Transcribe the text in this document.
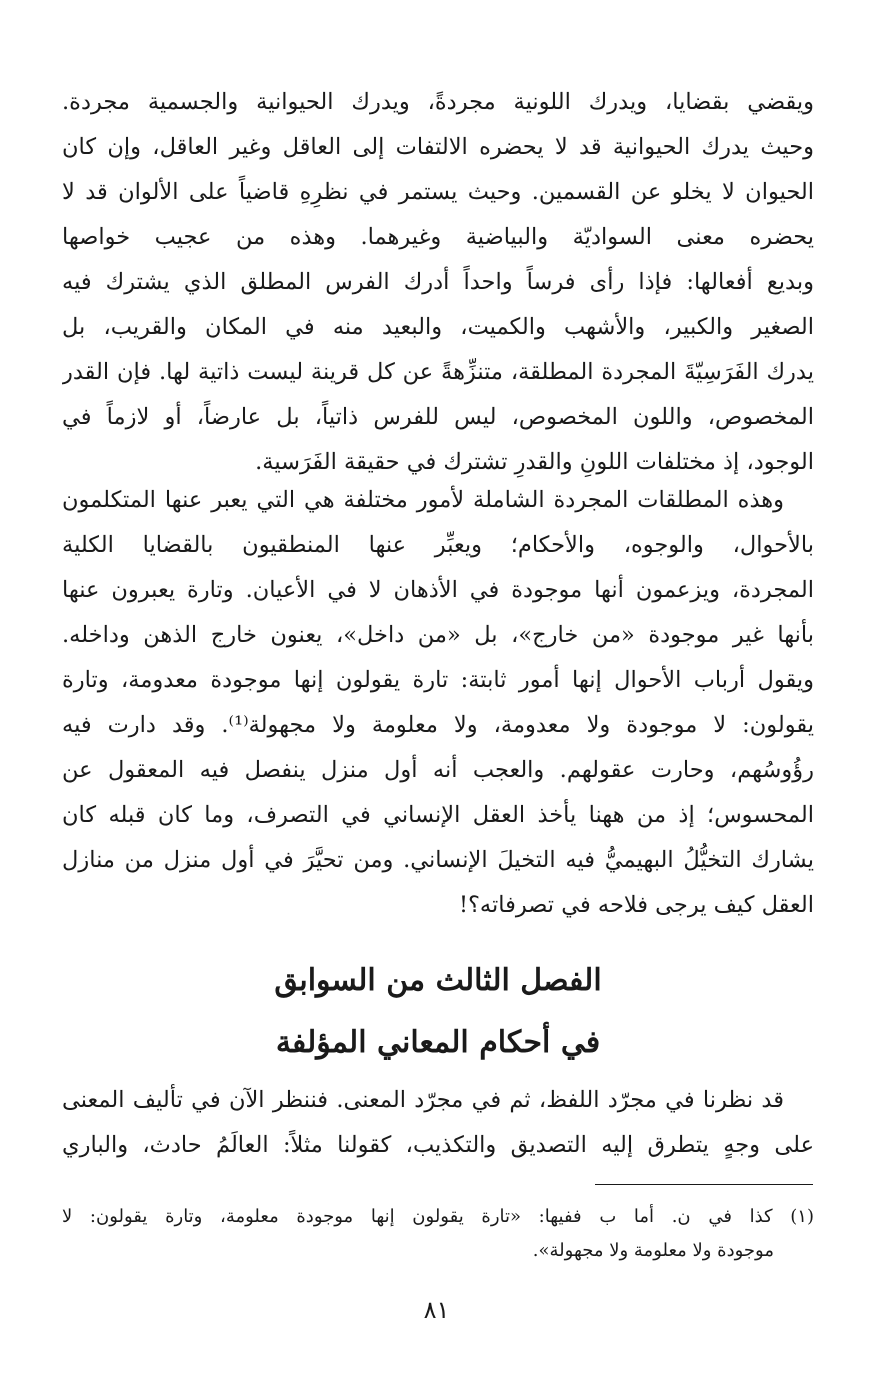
ويقضي بقضايا، ويدرك اللونية مجردةً، ويدرك الحيوانية والجسمية مجردة.
وحيث يدرك الحيوانية قد لا يحضره الالتفات إلى العاقل وغير العاقل، وإن كان
الحيوان لا يخلو عن القسمين. وحيث يستمر في نظرِهِ قاضياً على الألوان قد لا
يحضره معنى السواديّة والبياضية وغيرهما. وهذه من عجيب خواصها
وبديع أفعالها: فإذا رأى فرساً واحداً أدرك الفرس المطلق الذي يشترك فيه
الصغير والكبير، والأشهب والكميت، والبعيد منه في المكان والقريب، بل
يدرك الفَرَسِيّةَ المجردة المطلقة، متنزِّهةً عن كل قرينة ليست ذاتية لها. فإن القدر
المخصوص، واللون المخصوص، ليس للفرس ذاتياً، بل عارضاً، أو لازماً في
الوجود، إذ مختلفات اللونِ والقدرِ تشترك في حقيقة الفَرَسية.
وهذه المطلقات المجردة الشاملة لأمور مختلفة هي التي يعبر عنها المتكلمون
بالأحوال، والوجوه، والأحكام؛ ويعبِّر عنها المنطقيون بالقضايا الكلية
المجردة، ويزعمون أنها موجودة في الأذهان لا في الأعيان. وتارة يعبرون عنها
بأنها غير موجودة «من خارج»، بل «من داخل»، يعنون خارج الذهن وداخله.
ويقول أرباب الأحوال إنها أمور ثابتة: تارة يقولون إنها موجودة معدومة، وتارة
يقولون: لا موجودة ولا معدومة، ولا معلومة ولا مجهولة⁽¹⁾. وقد دارت فيه
رؤُوسُهم، وحارت عقولهم. والعجب أنه أول منزل ينفصل فيه المعقول عن
المحسوس؛ إذ من ههنا يأخذ العقل الإنساني في التصرف، وما كان قبله كان
يشارك التخيُّلُ البهيميُّ فيه التخيلَ الإنساني. ومن تحيَّرَ في أول منزل من منازل
العقل كيف يرجى فلاحه في تصرفاته؟!
الفصل الثالث من السوابق
في أحكام المعاني المؤلفة
قد نظرنا في مجرّد اللفظ، ثم في مجرّد المعنى. فننظر الآن في تأليف المعنى
على وجهٍ يتطرق إليه التصديق والتكذيب، كقولنا مثلاً: العالَمُ حادث، والباري
(١) كذا في ن. أما ب ففيها: «تارة يقولون إنها موجودة معلومة، وتارة يقولون: لا
موجودة ولا معلومة ولا مجهولة».
٨١
